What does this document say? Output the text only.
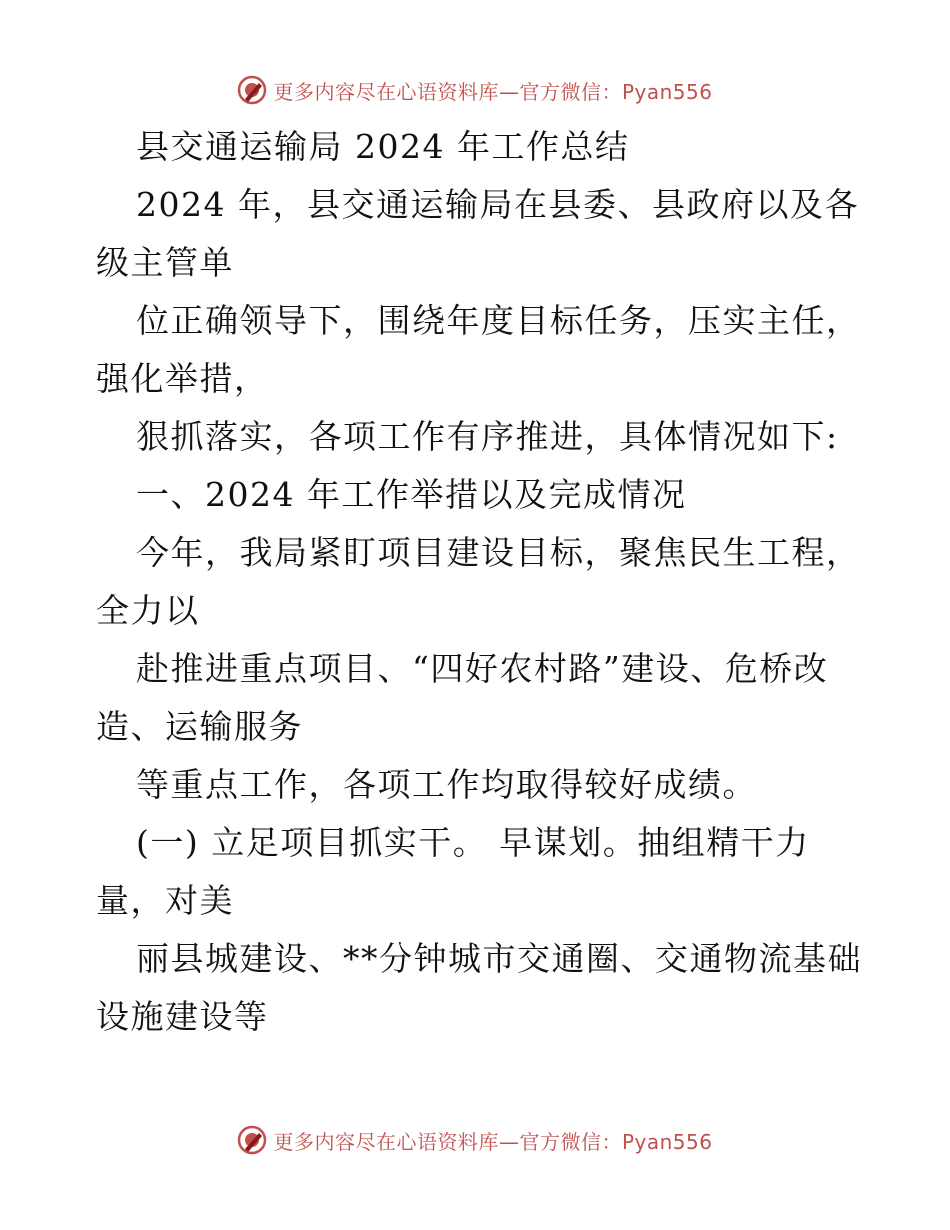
更多内容尽在心语资料库—官方微信：Pyan556
县交通运输局 2024 年工作总结
2024 年，县交通运输局在县委、县政府以及各
级主管单
位正确领导下，围绕年度目标任务，压实主任，
强化举措，
狠抓落实，各项工作有序推进，具体情况如下:
一、2024 年工作举措以及完成情况
今年，我局紧盯项目建设目标，聚焦民生工程，
全力以
赴推进重点项目、“四好农村路”建设、危桥改
造、运输服务
等重点工作，各项工作均取得较好成绩。
(一) 立足项目抓实干。 早谋划。抽组精干力
量，对美
丽县城建设、**分钟城市交通圈、交通物流基础
设施建设等
更多内容尽在心语资料库—官方微信：Pyan556
